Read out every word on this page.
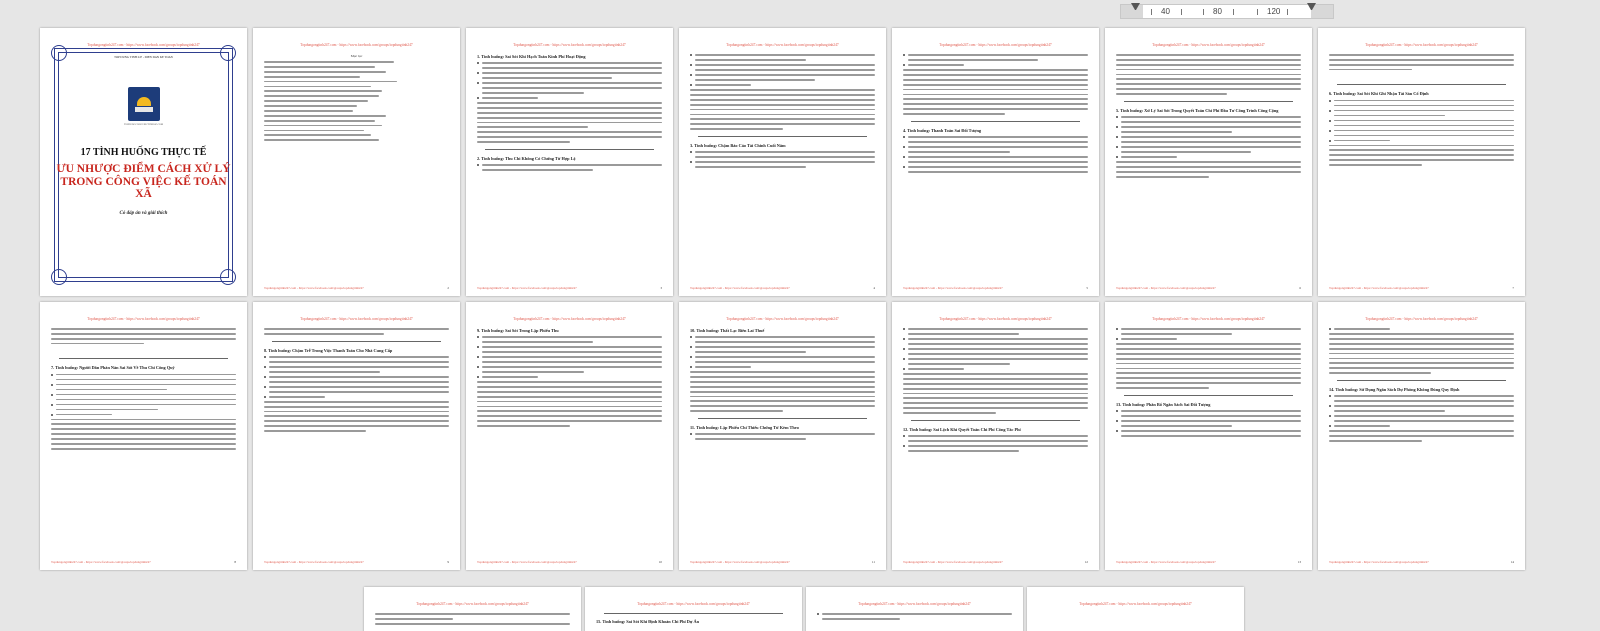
40	80	120
Topdungongtinh247.com - https://www.facebook.com/groups/topdungtinh247
TOP DUNG TINH 247 - DIEN DAN KE TOAN
TOPDUNGCONGVIECTINH247.COM
17 TÌNH HUỐNG THỰC TẾ
ƯU NHƯỢC ĐIỂM CÁCH XỬ LÝ TRONG CÔNG VIỆC KẾ TOÁN XÃ
Có đáp án và giải thích
Topdungongtinh247.com - https://www.facebook.com/groups/topdungtinh247
Mục lục
Topdungongtinh247.com - https://www.facebook.com/groups/topdungtinh247	2
Topdungongtinh247.com - https://www.facebook.com/groups/topdungtinh247
1. Tình huống: Sai Sót Khi Hạch Toán Kinh Phí Hoạt Động
2. Tình huống: Thu Chi Không Có Chứng Từ Hợp Lệ
Topdungongtinh247.com - https://www.facebook.com/groups/topdungtinh247	3
Topdungongtinh247.com - https://www.facebook.com/groups/topdungtinh247
3. Tình huống: Chậm Báo Cáo Tài Chính Cuối Năm
Topdungongtinh247.com - https://www.facebook.com/groups/topdungtinh247	4
Topdungongtinh247.com - https://www.facebook.com/groups/topdungtinh247
4. Tình huống: Thanh Toán Sai Đối Tượng
Topdungongtinh247.com - https://www.facebook.com/groups/topdungtinh247	5
Topdungongtinh247.com - https://www.facebook.com/groups/topdungtinh247
5. Tình huống: Xử Lý Sai Sót Trong Quyết Toán Chi Phí Đầu Tư Công Trình Công Cộng
Topdungongtinh247.com - https://www.facebook.com/groups/topdungtinh247	6
Topdungongtinh247.com - https://www.facebook.com/groups/topdungtinh247
6. Tình huống: Sai Sót Khi Ghi Nhận Tài Sản Cố Định
Topdungongtinh247.com - https://www.facebook.com/groups/topdungtinh247	7
Topdungongtinh247.com - https://www.facebook.com/groups/topdungtinh247
7. Tình huống: Người Dân Phàn Nàn Sai Sót Về Thu Chi Công Quỹ
Topdungongtinh247.com - https://www.facebook.com/groups/topdungtinh247	8
Topdungongtinh247.com - https://www.facebook.com/groups/topdungtinh247
8. Tình huống: Chậm Trễ Trong Việc Thanh Toán Cho Nhà Cung Cấp
Topdungongtinh247.com - https://www.facebook.com/groups/topdungtinh247	9
Topdungongtinh247.com - https://www.facebook.com/groups/topdungtinh247
9. Tình huống: Sai Sót Trong Lập Phiếu Thu
Topdungongtinh247.com - https://www.facebook.com/groups/topdungtinh247	10
Topdungongtinh247.com - https://www.facebook.com/groups/topdungtinh247
10. Tình huống: Thất Lạc Biên Lai Thuế
11. Tình huống: Lập Phiếu Chi Thiếu Chứng Từ Kèm Theo
Topdungongtinh247.com - https://www.facebook.com/groups/topdungtinh247	11
Topdungongtinh247.com - https://www.facebook.com/groups/topdungtinh247
12. Tình huống: Sai Lệch Khi Quyết Toán Chi Phí Công Tác Phí
Topdungongtinh247.com - https://www.facebook.com/groups/topdungtinh247	12
Topdungongtinh247.com - https://www.facebook.com/groups/topdungtinh247
13. Tình huống: Phân Bổ Ngân Sách Sai Đối Tượng
Topdungongtinh247.com - https://www.facebook.com/groups/topdungtinh247	13
Topdungongtinh247.com - https://www.facebook.com/groups/topdungtinh247
14. Tình huống: Sử Dụng Ngân Sách Dự Phòng Không Đúng Quy Định
Topdungongtinh247.com - https://www.facebook.com/groups/topdungtinh247	14
Topdungongtinh247.com - https://www.facebook.com/groups/topdungtinh247	Topdungongtinh247.com - https://www.facebook.com/groups/topdungtinh247
15. Tình huống: Sai Sót Khi Định Khoản Chi Phí Dự Án
Topdungongtinh247.com - https://www.facebook.com/groups/topdungtinh247	Topdungongtinh247.com - https://www.facebook.com/groups/topdungtinh247
